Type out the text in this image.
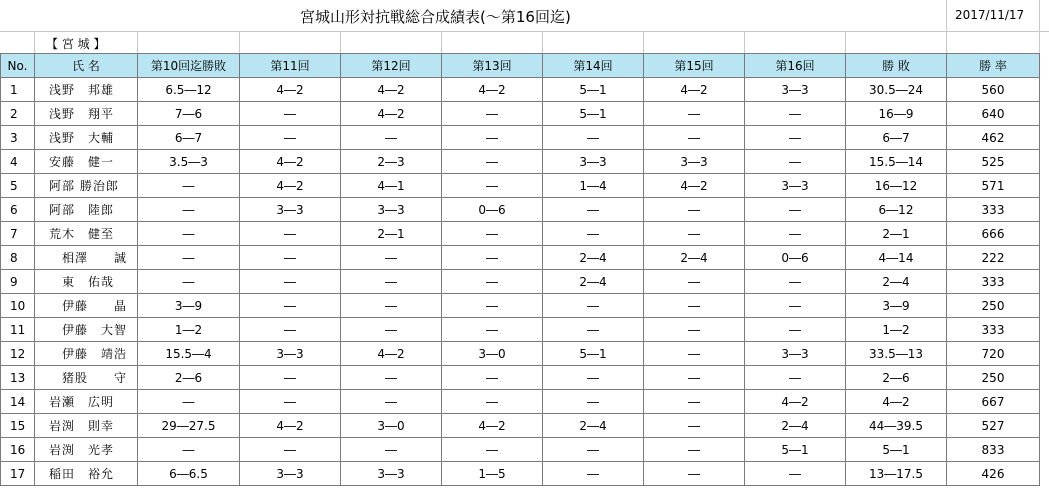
宮城山形対抗戦総合成績表(～第16回迄)	2017/11/17
【 宮 城 】
No.	氏 名	第10回迄勝敗	第11回	第12回	第13回	第14回	第15回	第16回	勝 敗	勝 率
1	浅野　邦雄	6.5―12	4―2	4―2	4―2	5―1	4―2	3―3	30.5―24	560
2	浅野　翔平	7―6	―	4―2	―	5―1	―	―	16―9	640
3	浅野　大輔	6―7	―	―	―	―	―	―	6―7	462
4	安藤　健一	3.5―3	4―2	2―3	―	3―3	3―3	―	15.5―14	525
5	阿部 勝治郎	―	4―2	4―1	―	1―4	4―2	3―3	16―12	571
6	阿部　陸郎	―	3―3	3―3	0―6	―	―	―	6―12	333
7	荒木　健至	―	―	2―1	―	―	―	―	2―1	666
8	　相澤　　誠	―	―	―	―	2―4	2―4	0―6	4―14	222
9	　東　佑哉	―	―	―	―	2―4	―	―	2―4	333
10	　伊藤　　晶	3―9	―	―	―	―	―	―	3―9	250
11	　伊藤　大智	1―2	―	―	―	―	―	―	1―2	333
12	　伊藤　靖浩	15.5―4	3―3	4―2	3―0	5―1	―	3―3	33.5―13	720
13	　猪股　　守	2―6	―	―	―	―	―	―	2―6	250
14	岩瀬　広明	―	―	―	―	―	―	4―2	4―2	667
15	岩渕　則幸	29―27.5	4―2	3―0	4―2	2―4	―	2―4	44―39.5	527
16	岩渕　光孝	―	―	―	―	―	―	5―1	5―1	833
17	稲田　裕允	6―6.5	3―3	3―3	1―5	―	―	―	13―17.5	426
